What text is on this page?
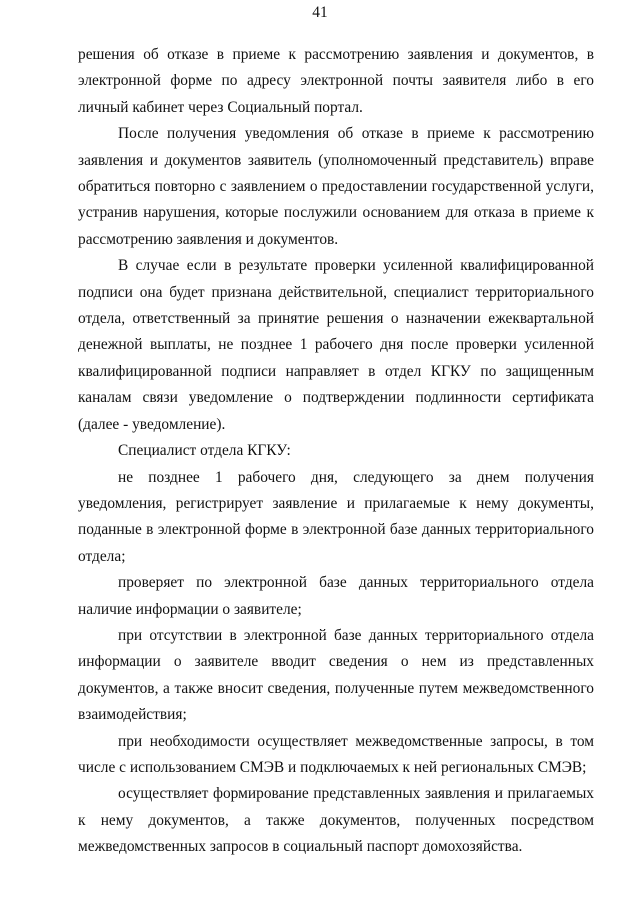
41

решения об отказе в приеме к рассмотрению заявления и документов, в электронной форме по адресу электронной почты заявителя либо в его личный кабинет через Социальный портал.

После получения уведомления об отказе в приеме к рассмотрению заявления и документов заявитель (уполномоченный представитель) вправе обратиться повторно с заявлением о предоставлении государственной услуги, устранив нарушения, которые послужили основанием для отказа в приеме к рассмотрению заявления и документов.

В случае если в результате проверки усиленной квалифицированной подписи она будет признана действительной, специалист территориального отдела, ответственный за принятие решения о назначении ежеквартальной денежной выплаты, не позднее 1 рабочего дня после проверки усиленной квалифицированной подписи направляет в отдел КГКУ по защищенным каналам связи уведомление о подтверждении подлинности сертификата (далее - уведомление).

Специалист отдела КГКУ:

не позднее 1 рабочего дня, следующего за днем получения уведомления, регистрирует заявление и прилагаемые к нему документы, поданные в электронной форме в электронной базе данных территориального отдела;

проверяет по электронной базе данных территориального отдела наличие информации о заявителе;

при отсутствии в электронной базе данных территориального отдела информации о заявителе вводит сведения о нем из представленных документов, а также вносит сведения, полученные путем межведомственного взаимодействия;

при необходимости осуществляет межведомственные запросы, в том числе с использованием СМЭВ и подключаемых к ней региональных СМЭВ;

осуществляет формирование представленных заявления и прилагаемых к нему документов, а также документов, полученных посредством межведомственных запросов в социальный паспорт домохозяйства.
